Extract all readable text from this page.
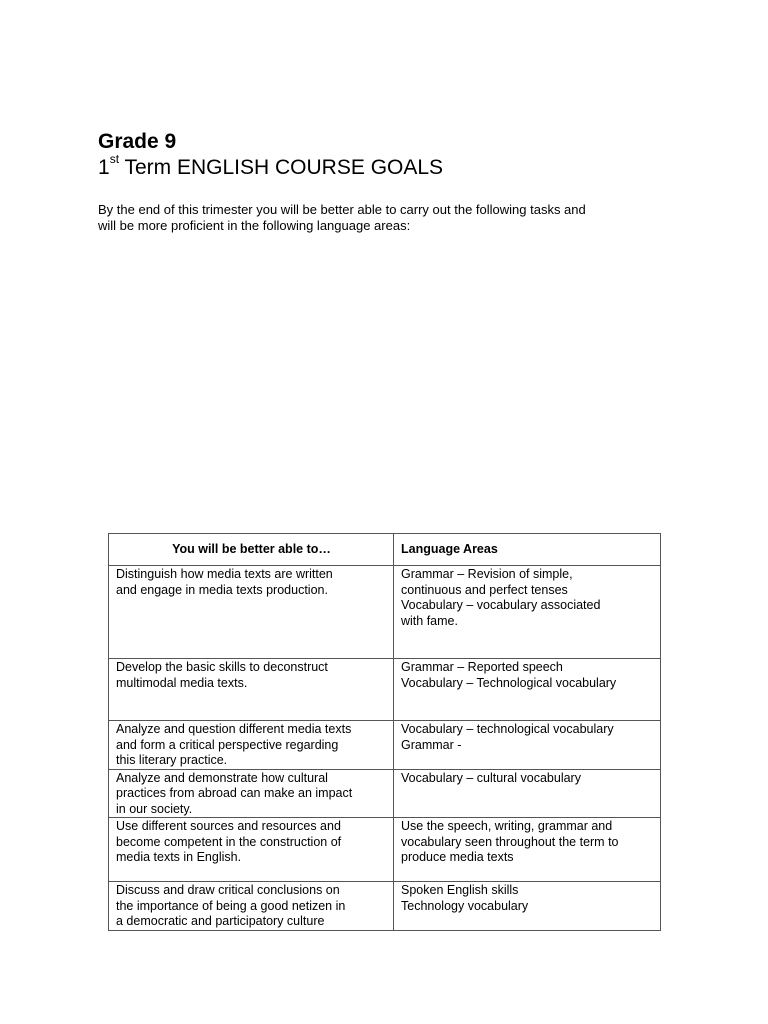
Grade 9
1st Term ENGLISH COURSE GOALS
By the end of this trimester you will be better able to carry out the following tasks and
will be more proficient in the following language areas:
You will be better able to…	Language Areas

Distinguish how media texts are written
and engage in media texts production.	Grammar – Revision of simple,
continuous and perfect tenses
Vocabulary – vocabulary associated
with fame.

Develop the basic skills to deconstruct
multimodal media texts.	Grammar – Reported speech
Vocabulary – Technological vocabulary

Analyze and question different media texts
and form a critical perspective regarding
this literary practice.	Vocabulary – technological vocabulary
Grammar -

Analyze and demonstrate how cultural
practices from abroad can make an impact
in our society.	Vocabulary – cultural vocabulary

Use different sources and resources and
become competent in the construction of
media texts in English.	Use the speech, writing, grammar and
vocabulary seen throughout the term to
produce media texts

Discuss and draw critical conclusions on
the importance of being a good netizen in
a democratic and participatory culture	Spoken English skills
Technology vocabulary
